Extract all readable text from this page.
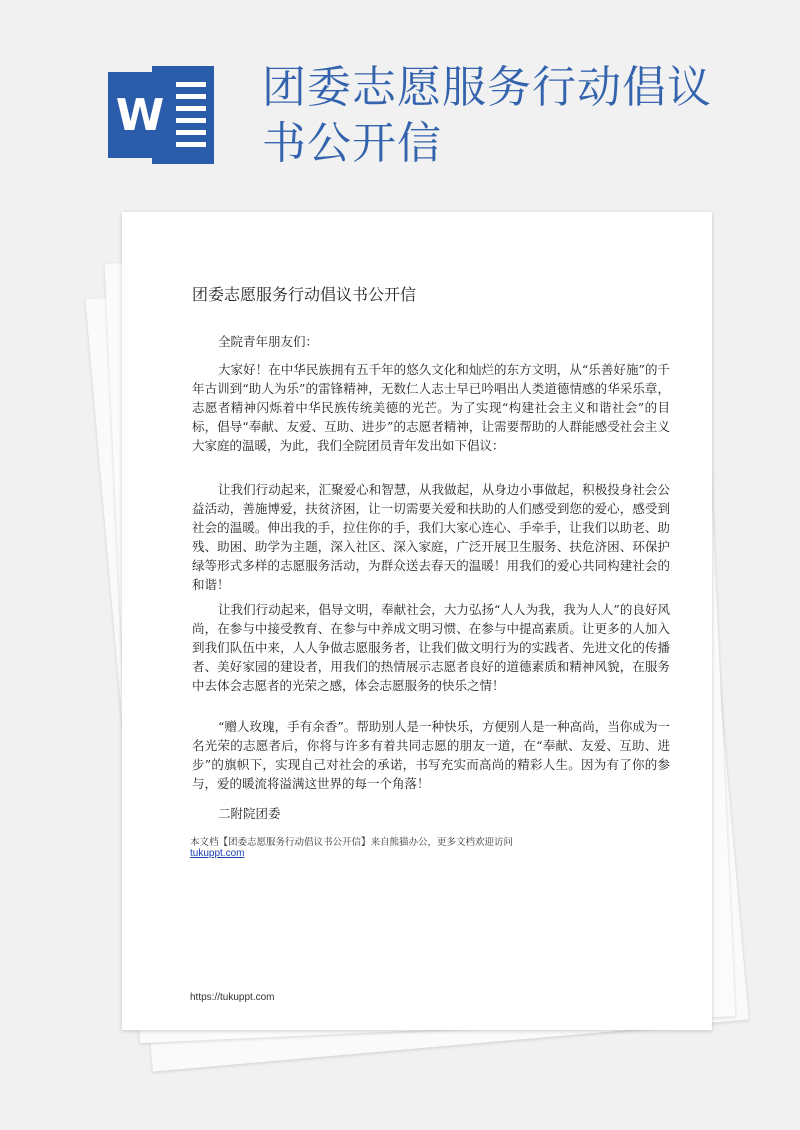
W
团委志愿服务行动倡议书公开信
团委志愿服务行动倡议书公开信
全院青年朋友们：

大家好！在中华民族拥有五千年的悠久文化和灿烂的东方文明，从“乐善好施”的千年古训到“助人为乐”的雷锋精神，无数仁人志士早已吟唱出人类道德情感的华采乐章，志愿者精神闪烁着中华民族传统美德的光芒。为了实现“构建社会主义和谐社会”的目标，倡导“奉献、友爱、互助、进步”的志愿者精神，让需要帮助的人群能感受社会主义大家庭的温暖，为此，我们全院团员青年发出如下倡议：

让我们行动起来，汇聚爱心和智慧，从我做起，从身边小事做起，积极投身社会公益活动，善施博爱，扶贫济困，让一切需要关爱和扶助的人们感受到您的爱心，感受到社会的温暖。伸出我的手，拉住你的手，我们大家心连心、手牵手，让我们以助老、助残、助困、助学为主题，深入社区、深入家庭，广泛开展卫生服务、扶危济困、环保护绿等形式多样的志愿服务活动，为群众送去春天的温暖！用我们的爱心共同构建社会的和谐！

让我们行动起来，倡导文明，奉献社会，大力弘扬“人人为我，我为人人”的良好风尚，在参与中接受教育、在参与中养成文明习惯、在参与中提高素质。让更多的人加入到我们队伍中来，人人争做志愿服务者，让我们做文明行为的实践者、先进文化的传播者、美好家园的建设者，用我们的热情展示志愿者良好的道德素质和精神风貌，在服务中去体会志愿者的光荣之感，体会志愿服务的快乐之情！

“赠人玫瑰，手有余香”。帮助别人是一种快乐，方便别人是一种高尚，当你成为一名光荣的志愿者后，你将与许多有着共同志愿的朋友一道，在“奉献、友爱、互助、进步”的旗帜下，实现自己对社会的承诺，书写充实而高尚的精彩人生。因为有了你的参与，爱的暖流将溢满这世界的每一个角落！

二附院团委
本文档【团委志愿服务行动倡议书公开信】来自熊猫办公，更多文档欢迎访问
tukuppt.com
https://tukuppt.com
